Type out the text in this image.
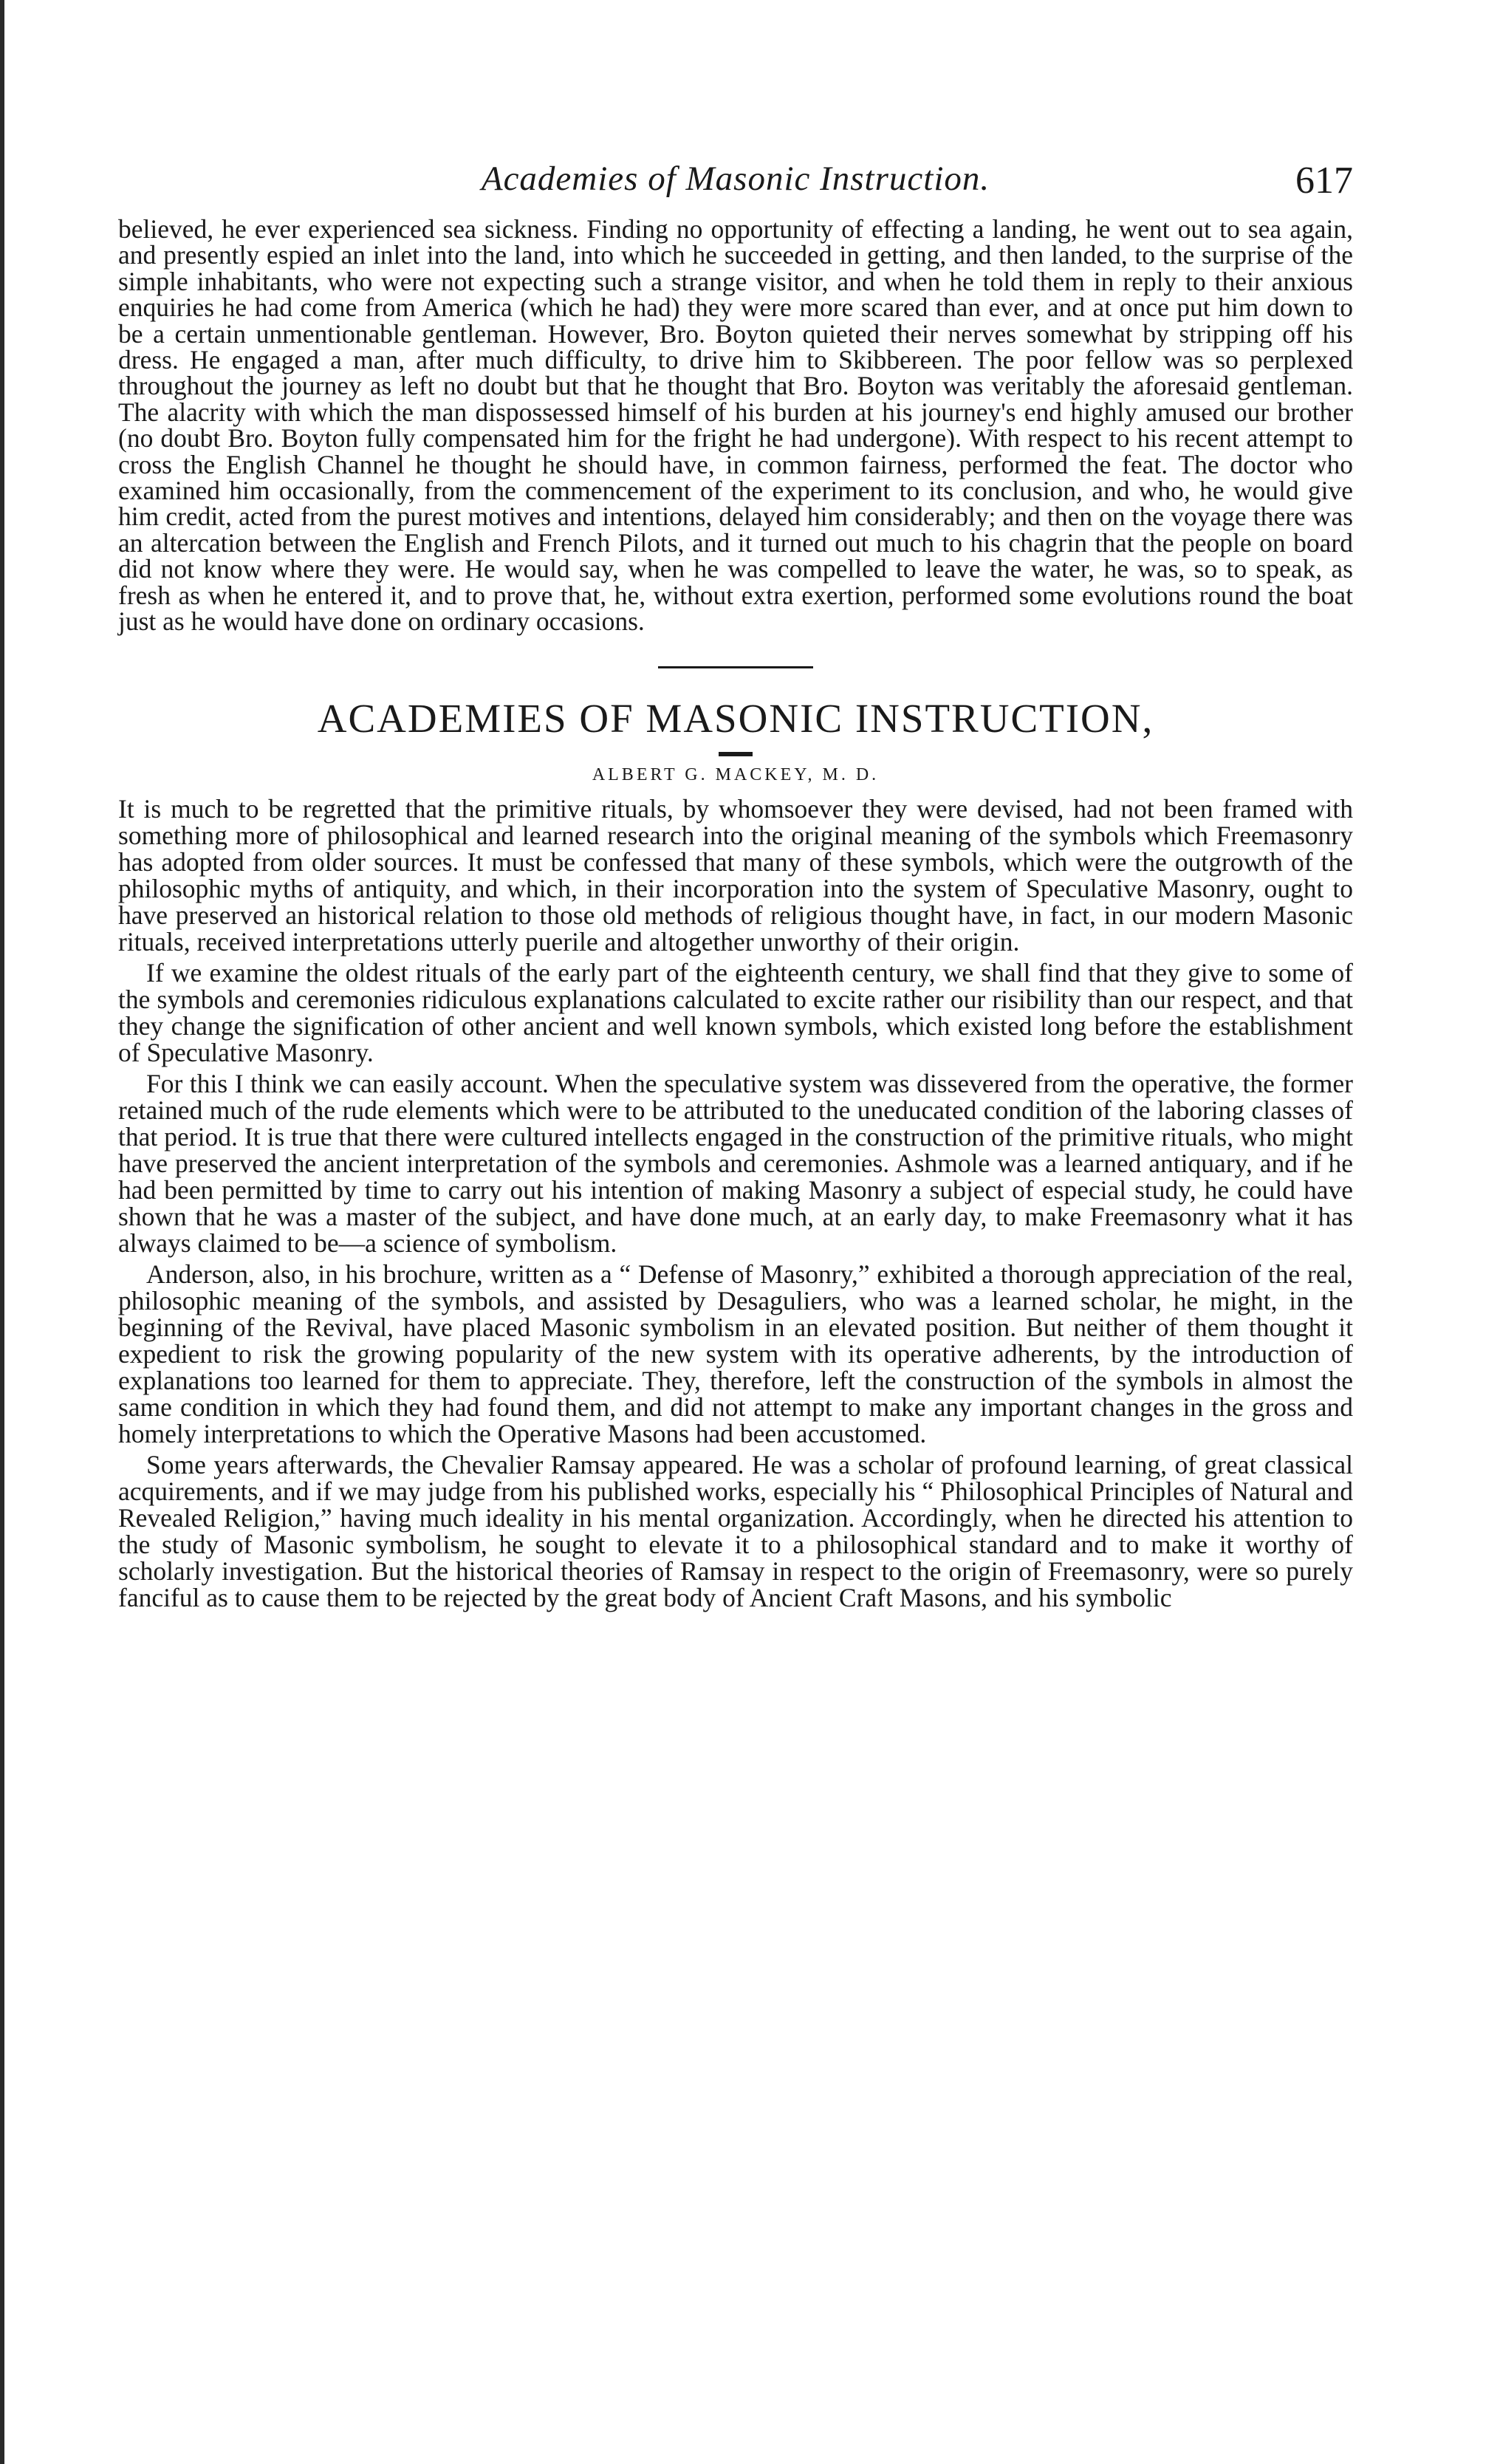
Academies of Masonic Instruction.	617

believed, he ever experienced sea sickness. Finding no opportunity of effecting a landing, he went out to sea again, and presently espied an inlet into the land, into which he succeeded in getting, and then landed, to the surprise of the simple inhabitants, who were not expecting such a strange visitor, and when he told them in reply to their anxious enquiries he had come from America (which he had) they were more scared than ever, and at once put him down to be a certain unmentionable gentleman. However, Bro. Boyton quieted their nerves somewhat by stripping off his dress. He engaged a man, after much difficulty, to drive him to Skibbereen. The poor fellow was so perplexed throughout the journey as left no doubt but that he thought that Bro. Boyton was veritably the aforesaid gentleman. The alacrity with which the man dispossessed himself of his burden at his journey's end highly amused our brother (no doubt Bro. Boyton fully compensated him for the fright he had undergone). With respect to his recent attempt to cross the English Channel he thought he should have, in common fairness, performed the feat. The doctor who examined him occasionally, from the commencement of the experiment to its conclusion, and who, he would give him credit, acted from the purest motives and intentions, delayed him considerably; and then on the voyage there was an altercation between the English and French Pilots, and it turned out much to his chagrin that the people on board did not know where they were. He would say, when he was compelled to leave the water, he was, so to speak, as fresh as when he entered it, and to prove that, he, without extra exertion, performed some evolutions round the boat just as he would have done on ordinary occasions.

ACADEMIES OF MASONIC INSTRUCTION,
ALBERT G. MACKEY, M. D.

It is much to be regretted that the primitive rituals, by whomsoever they were devised, had not been framed with something more of philosophical and learned research into the original meaning of the symbols which Freemasonry has adopted from older sources. It must be confessed that many of these symbols, which were the outgrowth of the philosophic myths of antiquity, and which, in their incorporation into the system of Speculative Masonry, ought to have preserved an historical relation to those old methods of religious thought have, in fact, in our modern Masonic rituals, received interpretations utterly puerile and altogether unworthy of their origin.

If we examine the oldest rituals of the early part of the eighteenth century, we shall find that they give to some of the symbols and ceremonies ridiculous explanations calculated to excite rather our risibility than our respect, and that they change the signification of other ancient and well known symbols, which existed long before the establishment of Speculative Masonry.

For this I think we can easily account. When the speculative system was dissevered from the operative, the former retained much of the rude elements which were to be attributed to the uneducated condition of the laboring classes of that period. It is true that there were cultured intellects engaged in the construction of the primitive rituals, who might have preserved the ancient interpretation of the symbols and ceremonies. Ashmole was a learned antiquary, and if he had been permitted by time to carry out his intention of making Masonry a subject of especial study, he could have shown that he was a master of the subject, and have done much, at an early day, to make Freemasonry what it has always claimed to be—a science of symbolism.

Anderson, also, in his brochure, written as a “ Defense of Masonry,” exhibited a thorough appreciation of the real, philosophic meaning of the symbols, and assisted by Desaguliers, who was a learned scholar, he might, in the beginning of the Revival, have placed Masonic symbolism in an elevated position. But neither of them thought it expedient to risk the growing popularity of the new system with its operative adherents, by the introduction of explanations too learned for them to appreciate. They, therefore, left the construction of the symbols in almost the same condition in which they had found them, and did not attempt to make any important changes in the gross and homely interpretations to which the Operative Masons had been accustomed.

Some years afterwards, the Chevalier Ramsay appeared. He was a scholar of profound learning, of great classical acquirements, and if we may judge from his published works, especially his “ Philosophical Principles of Natural and Revealed Religion,” having much ideality in his mental organization. Accordingly, when he directed his attention to the study of Masonic symbolism, he sought to elevate it to a philosophical standard and to make it worthy of scholarly investigation. But the historical theories of Ramsay in respect to the origin of Freemasonry, were so purely fanciful as to cause them to be rejected by the great body of Ancient Craft Masons, and his symbolic
